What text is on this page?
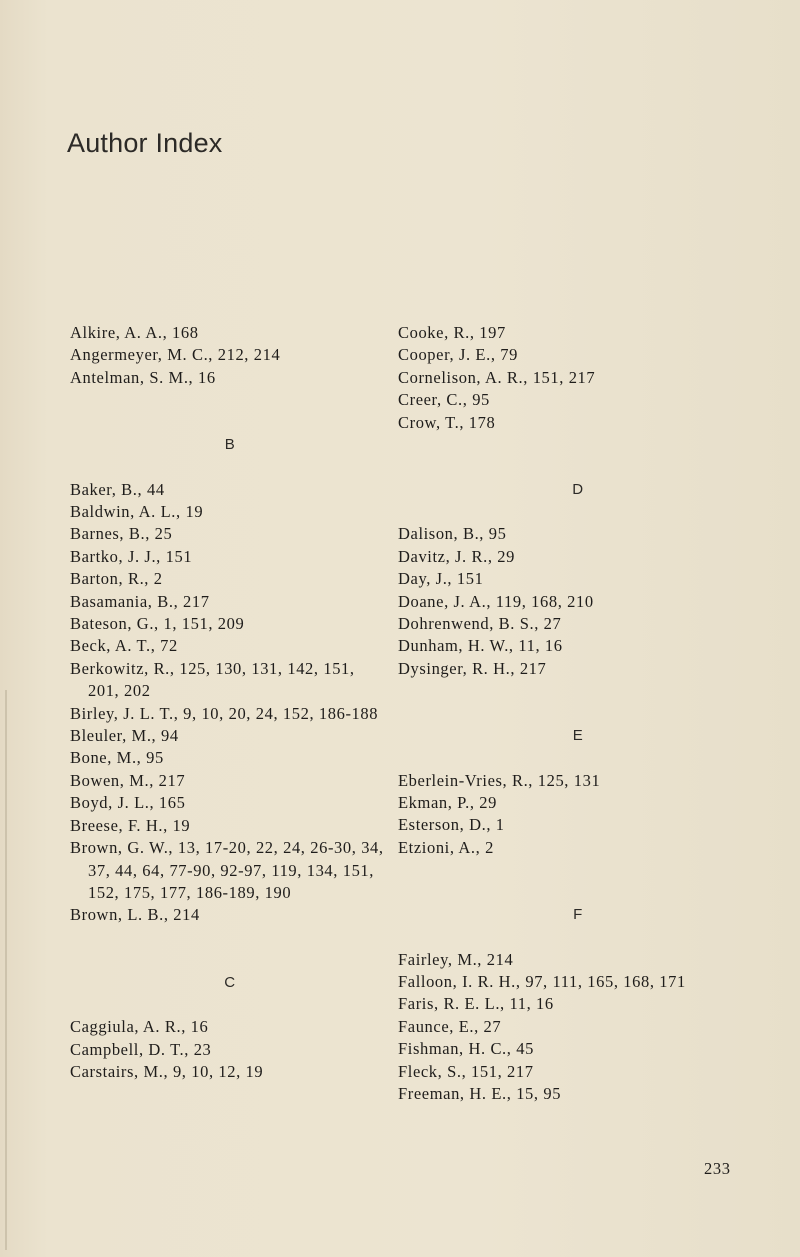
Author Index
Alkire, A. A., 168
Angermeyer, M. C., 212, 214
Antelman, S. M., 16
B
Baker, B., 44
Baldwin, A. L., 19
Barnes, B., 25
Bartko, J. J., 151
Barton, R., 2
Basamania, B., 217
Bateson, G., 1, 151, 209
Beck, A. T., 72
Berkowitz, R., 125, 130, 131, 142, 151, 201, 202
Birley, J. L. T., 9, 10, 20, 24, 152, 186-188
Bleuler, M., 94
Bone, M., 95
Bowen, M., 217
Boyd, J. L., 165
Breese, F. H., 19
Brown, G. W., 13, 17-20, 22, 24, 26-30, 34, 37, 44, 64, 77-90, 92-97, 119, 134, 151, 152, 175, 177, 186-189, 190
Brown, L. B., 214
C
Caggiula, A. R., 16
Campbell, D. T., 23
Carstairs, M., 9, 10, 12, 19
Cooke, R., 197
Cooper, J. E., 79
Cornelison, A. R., 151, 217
Creer, C., 95
Crow, T., 178
D
Dalison, B., 95
Davitz, J. R., 29
Day, J., 151
Doane, J. A., 119, 168, 210
Dohrenwend, B. S., 27
Dunham, H. W., 11, 16
Dysinger, R. H., 217
E
Eberlein-Vries, R., 125, 131
Ekman, P., 29
Esterson, D., 1
Etzioni, A., 2
F
Fairley, M., 214
Falloon, I. R. H., 97, 111, 165, 168, 171
Faris, R. E. L., 11, 16
Faunce, E., 27
Fishman, H. C., 45
Fleck, S., 151, 217
Freeman, H. E., 15, 95
233
